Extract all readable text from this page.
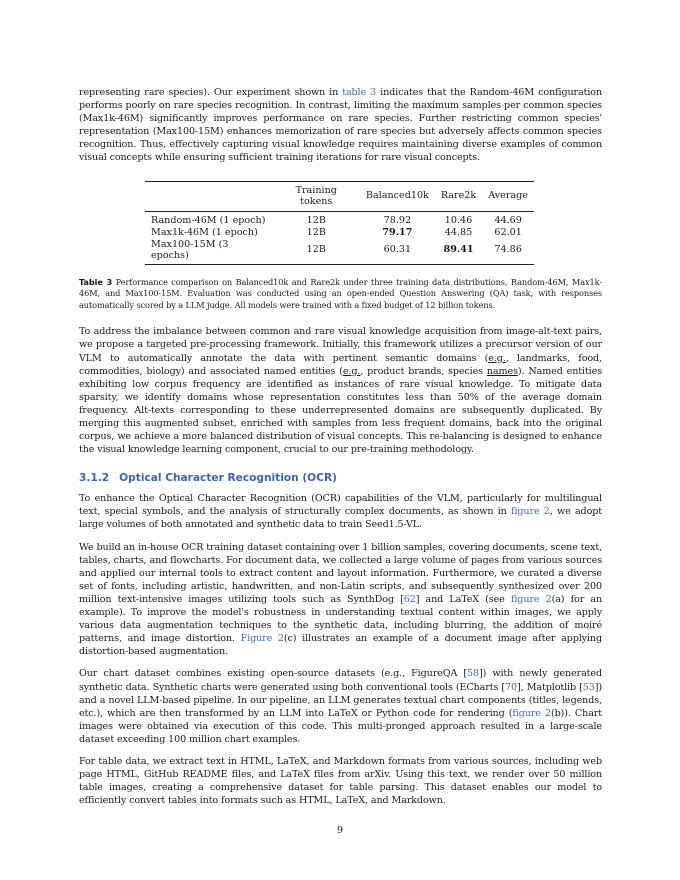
representing rare species). Our experiment shown in table 3 indicates that the Random-46M configuration performs poorly on rare species recognition. In contrast, limiting the maximum samples per common species (Max1k-46M) significantly improves performance on rare species. Further restricting common species' representation (Max100-15M) enhances memorization of rare species but adversely affects common species recognition. Thus, effectively capturing visual knowledge requires maintaining diverse examples of common visual concepts while ensuring sufficient training iterations for rare visual concepts.

	Training tokens	Balanced10k	Rare2k	Average
Random-46M (1 epoch)	12B	78.92	10.46	44.69
Max1k-46M (1 epoch)	12B	79.17	44.85	62.01
Max100-15M (3 epochs)	12B	60.31	89.41	74.86
Table 3 Performance comparison on Balanced10k and Rare2k under three training data distributions, Random-46M, Max1k-46M, and Max100-15M. Evaluation was conducted using an open-ended Question Answering (QA) task, with responses automatically scored by a LLM judge. All models were trained with a fixed budget of 12 billion tokens.

To address the imbalance between common and rare visual knowledge acquisition from image-alt-text pairs, we propose a targeted pre-processing framework. Initially, this framework utilizes a precursor version of our VLM to automatically annotate the data with pertinent semantic domains (e.g., landmarks, food, commodities, biology) and associated named entities (e.g., product brands, species names). Named entities exhibiting low corpus frequency are identified as instances of rare visual knowledge. To mitigate data sparsity, we identify domains whose representation constitutes less than 50% of the average domain frequency. Alt-texts corresponding to these underrepresented domains are subsequently duplicated. By merging this augmented subset, enriched with samples from less frequent domains, back into the original corpus, we achieve a more balanced distribution of visual concepts. This re-balancing is designed to enhance the visual knowledge learning component, crucial to our pre-training methodology.

3.1.2 Optical Character Recognition (OCR)

To enhance the Optical Character Recognition (OCR) capabilities of the VLM, particularly for multilingual text, special symbols, and the analysis of structurally complex documents, as shown in figure 2, we adopt large volumes of both annotated and synthetic data to train Seed1.5-VL.

We build an in-house OCR training dataset containing over 1 billion samples, covering documents, scene text, tables, charts, and flowcharts. For document data, we collected a large volume of pages from various sources and applied our internal tools to extract content and layout information. Furthermore, we curated a diverse set of fonts, including artistic, handwritten, and non-Latin scripts, and subsequently synthesized over 200 million text-intensive images utilizing tools such as SynthDog [62] and LaTeX (see figure 2(a) for an example). To improve the model's robustness in understanding textual content within images, we apply various data augmentation techniques to the synthetic data, including blurring, the addition of moiré patterns, and image distortion. Figure 2(c) illustrates an example of a document image after applying distortion-based augmentation.

Our chart dataset combines existing open-source datasets (e.g., FigureQA [58]) with newly generated synthetic data. Synthetic charts were generated using both conventional tools (ECharts [70], Matplotlib [53]) and a novel LLM-based pipeline. In our pipeline, an LLM generates textual chart components (titles, legends, etc.), which are then transformed by an LLM into LaTeX or Python code for rendering (figure 2(b)). Chart images were obtained via execution of this code. This multi-pronged approach resulted in a large-scale dataset exceeding 100 million chart examples.

For table data, we extract text in HTML, LaTeX, and Markdown formats from various sources, including web page HTML, GitHub README files, and LaTeX files from arXiv. Using this text, we render over 50 million table images, creating a comprehensive dataset for table parsing. This dataset enables our model to efficiently convert tables into formats such as HTML, LaTeX, and Markdown.

9
